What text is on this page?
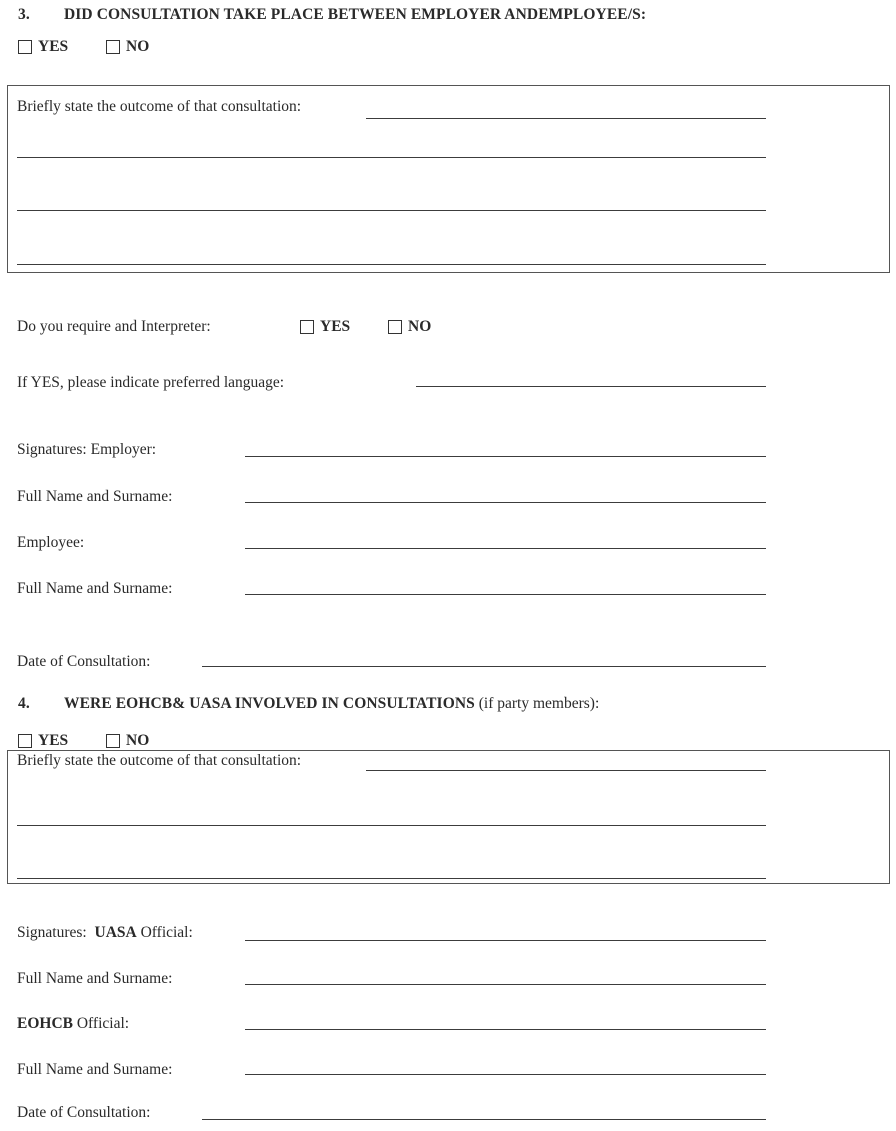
3. DID CONSULTATION TAKE PLACE BETWEEN EMPLOYER ANDEMPLOYEE/S:
YES
	NO
Briefly state the outcome of that consultation:
Do you require and Interpreter:	YES
	NO
If YES, please indicate preferred language:
Signatures: Employer:
Full Name and Surname:
Employee:
Full Name and Surname:
Date of Consultation:
4. WERE EOHCB& UASA INVOLVED IN CONSULTATIONS (if party members):
YES
	NO
Briefly state the outcome of that consultation:
Signatures: UASA Official:
Full Name and Surname:
EOHCB Official:
Full Name and Surname:
Date of Consultation:
